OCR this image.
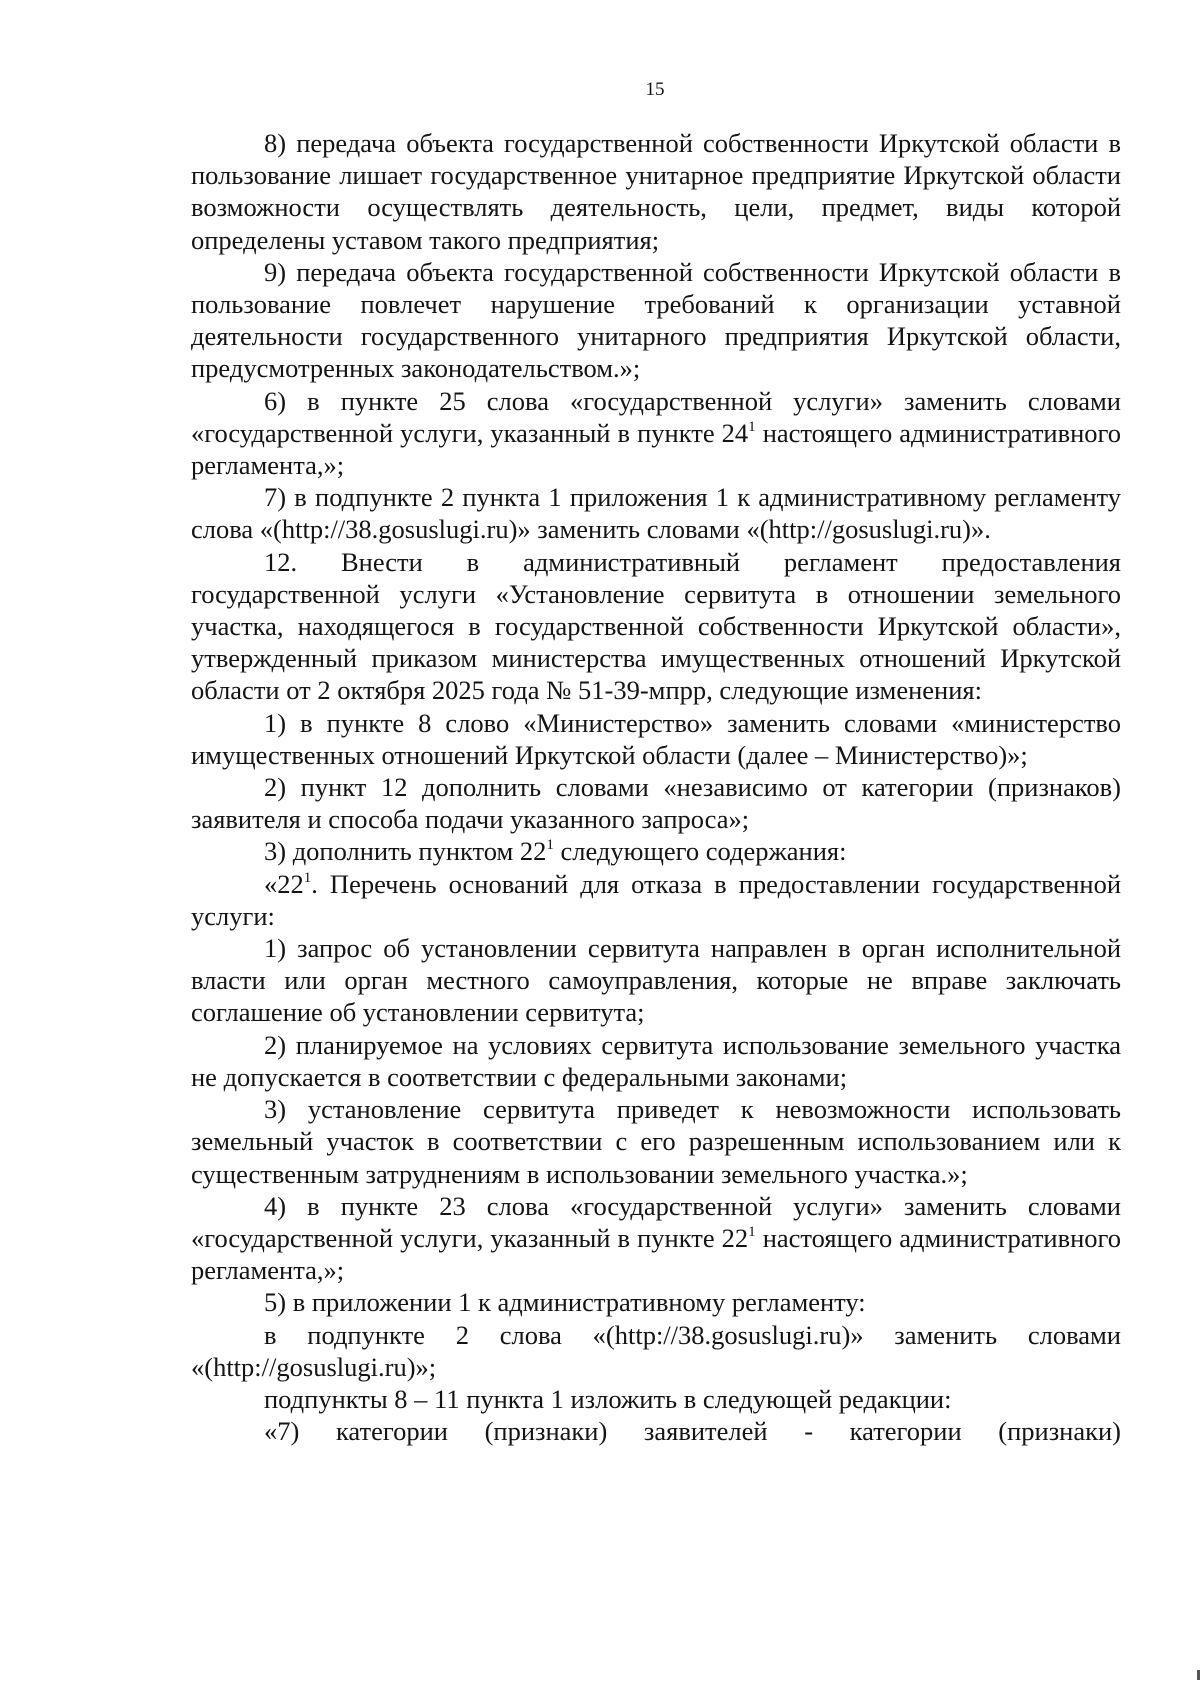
15

8) передача объекта государственной собственности Иркутской области в пользование лишает государственное унитарное предприятие Иркутской области возможности осуществлять деятельность, цели, предмет, виды которой определены уставом такого предприятия;

9) передача объекта государственной собственности Иркутской области в пользование повлечет нарушение требований к организации уставной деятельности государственного унитарного предприятия Иркутской области, предусмотренных законодательством.»;

6) в пункте 25 слова «государственной услуги» заменить словами «государственной услуги, указанный в пункте $24^1$ настоящего административного регламента,»;

7) в подпункте 2 пункта 1 приложения 1 к административному регламенту слова «(http://38.gosuslugi.ru)» заменить словами «(http://gosuslugi.ru)».

12. Внести в административный регламент предоставления государственной услуги «Установление сервитута в отношении земельного участка, находящегося в государственной собственности Иркутской области», утвержденный приказом министерства имущественных отношений Иркутской области от 2 октября 2025 года № 51-39-мпрр, следующие изменения:

1) в пункте 8 слово «Министерство» заменить словами «министерство имущественных отношений Иркутской области (далее – Министерство)»;

2) пункт 12 дополнить словами «независимо от категории (признаков) заявителя и способа подачи указанного запроса»;

3) дополнить пунктом $22^1$ следующего содержания:

«$22^1$. Перечень оснований для отказа в предоставлении государственной услуги:

1) запрос об установлении сервитута направлен в орган исполнительной власти или орган местного самоуправления, которые не вправе заключать соглашение об установлении сервитута;

2) планируемое на условиях сервитута использование земельного участка не допускается в соответствии с федеральными законами;

3) установление сервитута приведет к невозможности использовать земельный участок в соответствии с его разрешенным использованием или к существенным затруднениям в использовании земельного участка.»;

4) в пункте 23 слова «государственной услуги» заменить словами «государственной услуги, указанный в пункте $22^1$ настоящего административного регламента,»;

5) в приложении 1 к административному регламенту:

в подпункте 2 слова «(http://38.gosuslugi.ru)» заменить словами «(http://gosuslugi.ru)»;

подпункты 8 – 11 пункта 1 изложить в следующей редакции:

«7) категории (признаки) заявителей - категории (признаки)
